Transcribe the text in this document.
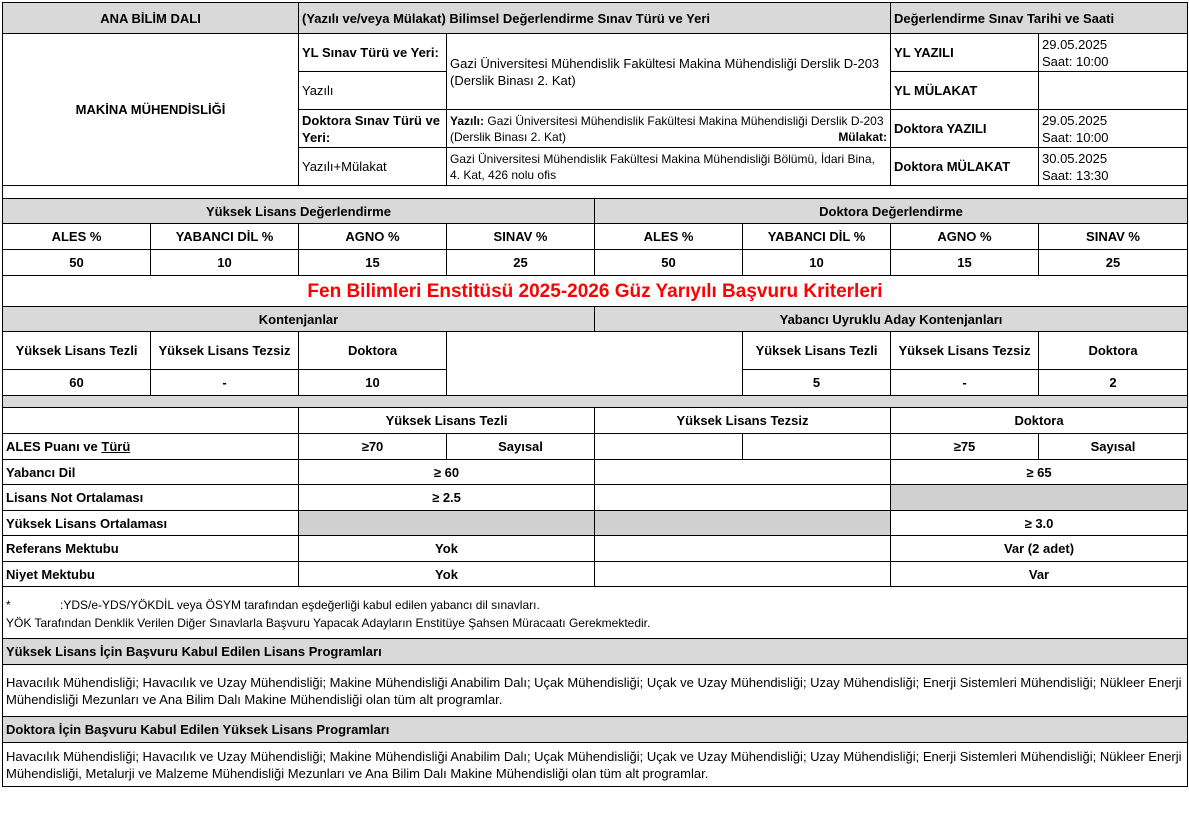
ANA BİLİM DALI		(Yazılı ve/veya Mülakat) Bilimsel Değerlendirme Sınav Türü ve Yeri				Değerlendirme Sınav Tarihi ve Saati	
MAKİNA MÜHENDİSLİĞİ		YL Sınav Türü ve Yeri:	Gazi Üniversitesi Mühendislik Fakültesi Makina Mühendisliği Derslik D-203 (Derslik Binası 2. Kat)			YL YAZILI	29.05.2025
Saat: 10:00
		Yazılı				YL MÜLAKAT	
		Doktora Sınav Türü ve Yeri:	Yazılı: Gazi Üniversitesi Mühendislik Fakültesi Makina Mühendisliği Derslik D-203 (Derslik Binası 2. Kat) Mülakat:			Doktora YAZILI	29.05.2025
Saat: 10:00
		Yazılı+Mülakat	Gazi Üniversitesi Mühendislik Fakültesi Makina Mühendisliği Bölümü, İdari Bina, 4. Kat, 426 nolu ofis			Doktora MÜLAKAT	30.05.2025
Saat: 13:30

Yüksek Lisans Değerlendirme				Doktora Değerlendirme			
ALES %	YABANCI DİL %	AGNO %	SINAV %	ALES %	YABANCI DİL %	AGNO %	SINAV %
50	10	15	25	50	10	15	25
Fen Bilimleri Enstitüsü 2025-2026 Güz Yarıyılı Başvuru Kriterleri							
Kontenjanlar				Yabancı Uyruklu Aday Kontenjanları			
Yüksek Lisans Tezli	Yüksek Lisans Tezsiz	Doktora			Yüksek Lisans Tezli	Yüksek Lisans Tezsiz	Doktora
60	-	10			5	-	2

		Yüksek Lisans Tezli		Yüksek Lisans Tezsiz		Doktora	
ALES Puanı ve Türü		≥70	Sayısal			≥75	Sayısal
Yabancı Dil		≥ 60				≥ 65	
Lisans Not Ortalaması		≥ 2.5					
Yüksek Lisans Ortalaması						≥ 3.0	
Referans Mektubu		Yok				Var (2 adet)	
Niyet Mektubu		Yok				Var	

* :YDS/e-YDS/YÖKDİL veya ÖSYM tarafından eşdeğerliği kabul edilen yabancı dil sınavları.
YÖK Tarafından Denklik Verilen Diğer Sınavlarla Başvuru Yapacak Adayların Enstitüye Şahsen Müracaatı Gerekmektedir.							

Yüksek Lisans İçin Başvuru Kabul Edilen Lisans Programları							
Havacılık Mühendisliği; Havacılık ve Uzay Mühendisliği; Makine Mühendisliği Anabilim Dalı; Uçak Mühendisliği; Uçak ve Uzay Mühendisliği; Uzay Mühendisliği; Enerji Sistemleri Mühendisliği; Nükleer Enerji Mühendisliği Mezunları ve Ana Bilim Dalı Makine Mühendisliği olan tüm alt programlar.							
Doktora İçin Başvuru Kabul Edilen Yüksek Lisans Programları							
Havacılık Mühendisliği; Havacılık ve Uzay Mühendisliği; Makine Mühendisliği Anabilim Dalı; Uçak Mühendisliği; Uçak ve Uzay Mühendisliği; Uzay Mühendisliği; Enerji Sistemleri Mühendisliği; Nükleer Enerji Mühendisliği, Metalurji ve Malzeme Mühendisliği Mezunları ve Ana Bilim Dalı Makine Mühendisliği olan tüm alt programlar.							
